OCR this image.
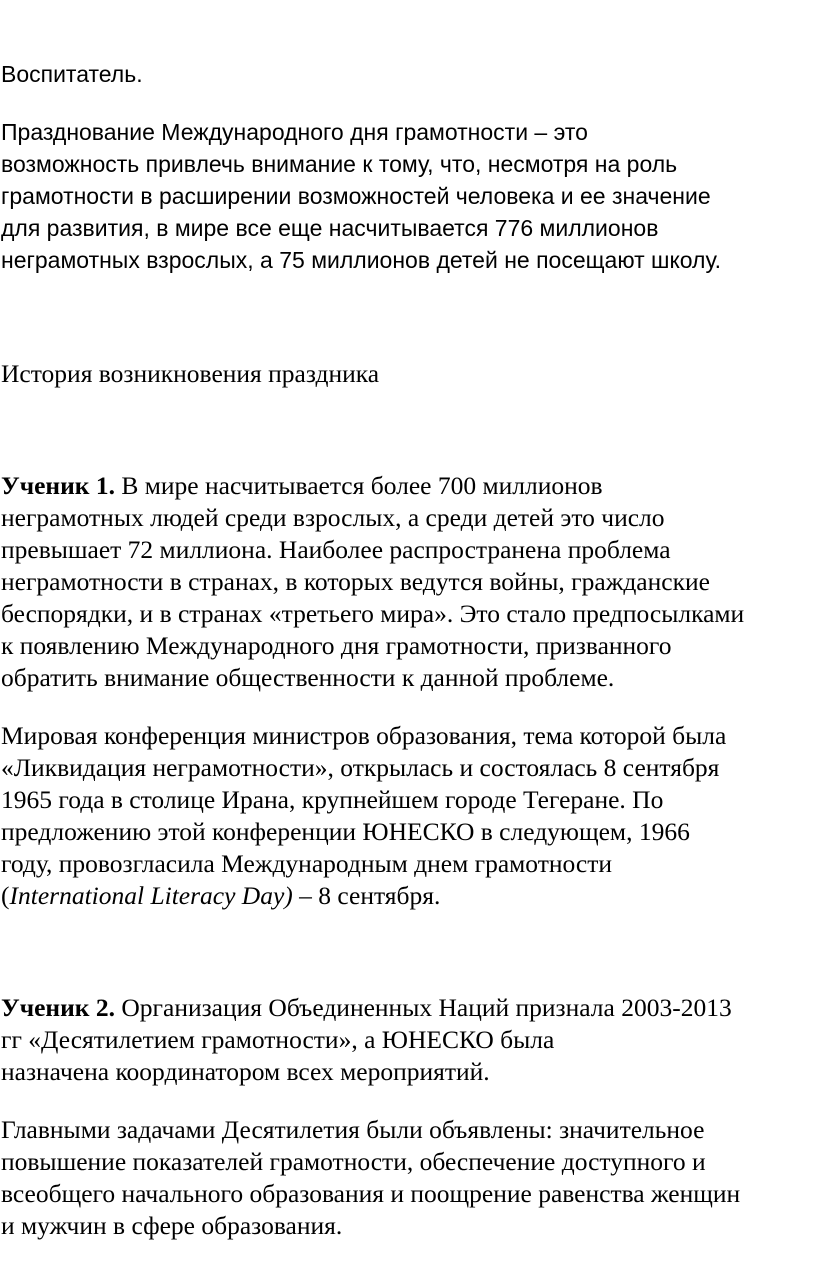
Воспитатель.
Празднование Международного дня грамотности – это
возможность привлечь внимание к тому, что, несмотря на роль
грамотности в расширении возможностей человека и ее значение
для развития, в мире все еще насчитывается 776 миллионов
неграмотных взрослых, а 75 миллионов детей не посещают школу.
История возникновения праздника
Ученик 1. В мире насчитывается более 700 миллионов
неграмотных людей среди взрослых, а среди детей это число
превышает 72 миллиона. Наиболее распространена проблема
неграмотности в странах, в которых ведутся войны, гражданские
беспорядки, и в странах «третьего мира». Это стало предпосылками
к появлению Международного дня грамотности, призванного
обратить внимание общественности к данной проблеме.
Мировая конференция министров образования, тема которой была
«Ликвидация неграмотности», открылась и состоялась 8 сентября
1965 года в столице Ирана, крупнейшем городе Тегеране. По
предложению этой конференции ЮНЕСКО в следующем, 1966
году, провозгласила Международным днем грамотности
(International Literacy Day) – 8 сентября.
Ученик 2. Организация Объединенных Наций признала 2003-2013
гг «Десятилетием грамотности», а ЮНЕСКО была
назначена координатором всех мероприятий.
Главными задачами Десятилетия были объявлены: значительное
повышение показателей грамотности, обеспечение доступного и
всеобщего начального образования и поощрение равенства женщин
и мужчин в сфере образования.
